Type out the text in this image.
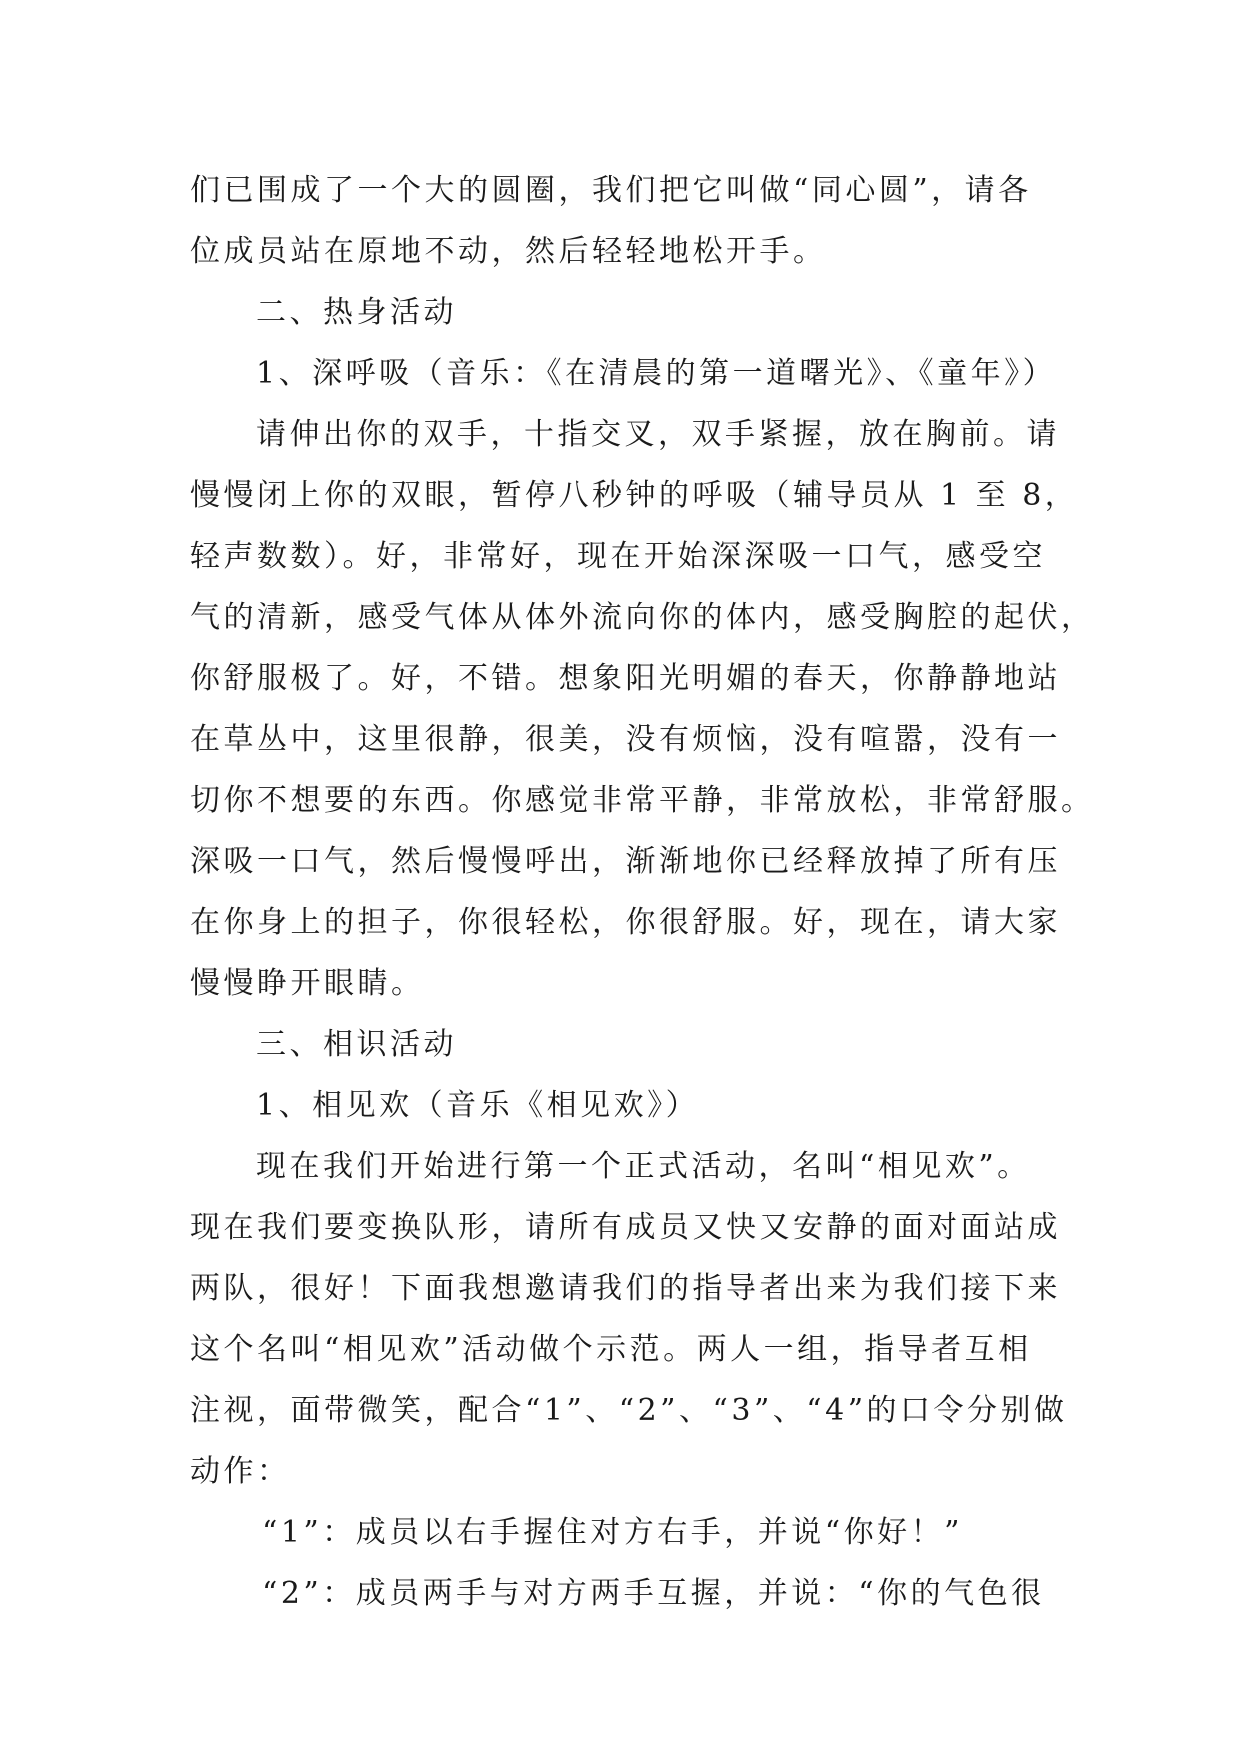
们已围成了一个大的圆圈，我们把它叫做“同心圆”，请各
位成员站在原地不动，然后轻轻地松开手。
二、热身活动
1、深呼吸（音乐：《在清晨的第一道曙光》、《童年》）
请伸出你的双手，十指交叉，双手紧握，放在胸前。请
慢慢闭上你的双眼，暂停八秒钟的呼吸（辅导员从 1 至 8，
轻声数数）。好，非常好，现在开始深深吸一口气，感受空
气的清新，感受气体从体外流向你的体内，感受胸腔的起伏，
你舒服极了。好，不错。想象阳光明媚的春天，你静静地站
在草丛中，这里很静，很美，没有烦恼，没有喧嚣，没有一
切你不想要的东西。你感觉非常平静，非常放松，非常舒服。
深吸一口气，然后慢慢呼出，渐渐地你已经释放掉了所有压
在你身上的担子，你很轻松，你很舒服。好，现在，请大家
慢慢睁开眼睛。
三、相识活动
1、相见欢（音乐《相见欢》）
现在我们开始进行第一个正式活动，名叫“相见欢”。
现在我们要变换队形，请所有成员又快又安静的面对面站成
两队，很好！下面我想邀请我们的指导者出来为我们接下来
这个名叫“相见欢”活动做个示范。两人一组，指导者互相
注视，面带微笑，配合“1”、“2”、“3”、“4”的口令分别做
动作：
“1”：成员以右手握住对方右手，并说“你好！”
“2”：成员两手与对方两手互握，并说：“你的气色很
